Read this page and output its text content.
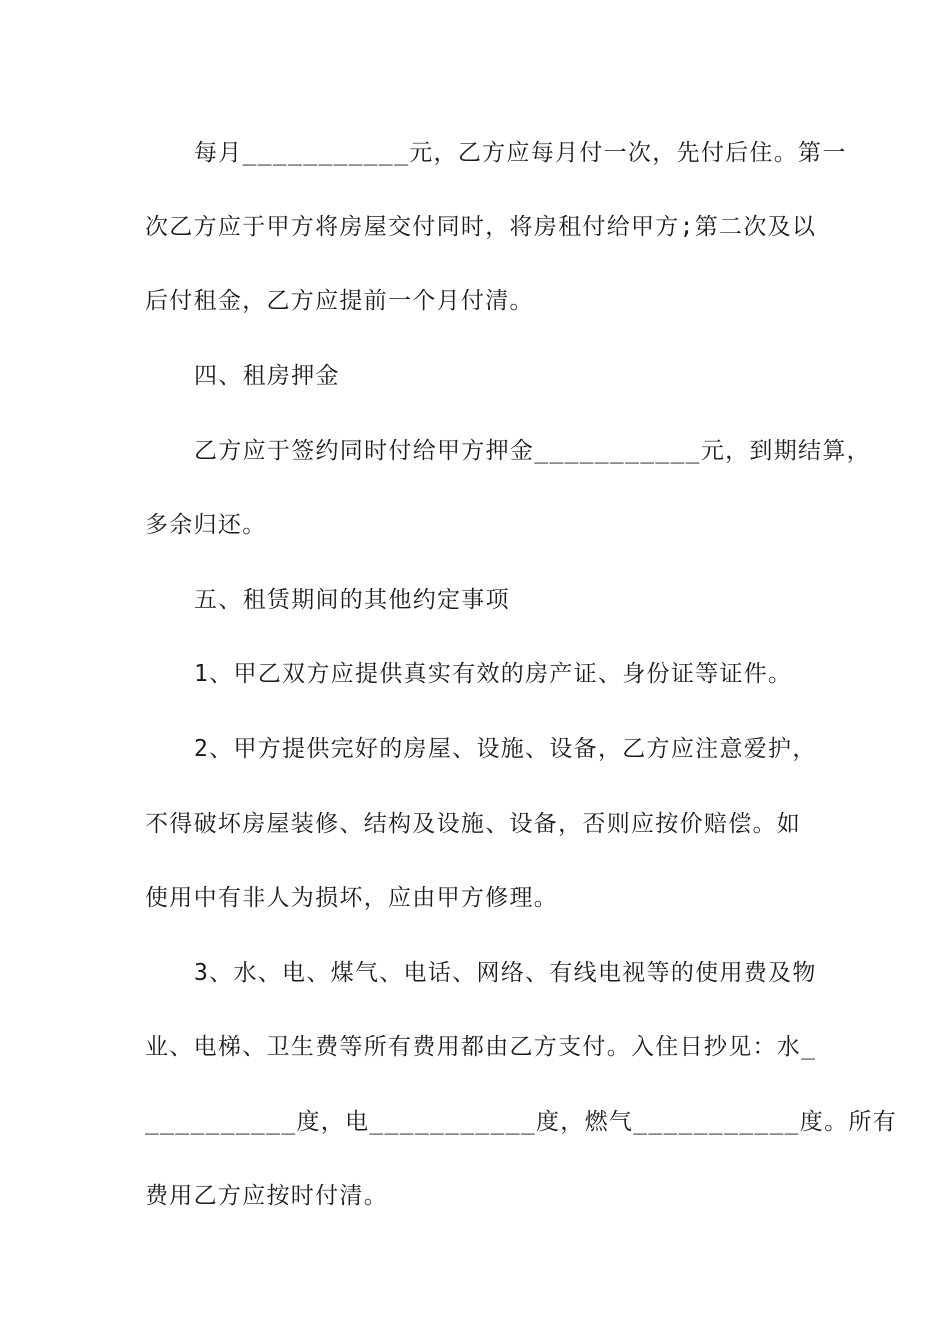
每月___________元，乙方应每月付一次，先付后住。第一
次乙方应于甲方将房屋交付同时，将房租付给甲方;第二次及以
后付租金，乙方应提前一个月付清。
四、租房押金
乙方应于签约同时付给甲方押金___________元，到期结算，
多余归还。
五、租赁期间的其他约定事项
1、甲乙双方应提供真实有效的房产证、身份证等证件。
2、甲方提供完好的房屋、设施、设备，乙方应注意爱护，
不得破坏房屋装修、结构及设施、设备，否则应按价赔偿。如
使用中有非人为损坏，应由甲方修理。
3、水、电、煤气、电话、网络、有线电视等的使用费及物
业、电梯、卫生费等所有费用都由乙方支付。入住日抄见：水_
__________度，电___________度，燃气___________度。所有
费用乙方应按时付清。
